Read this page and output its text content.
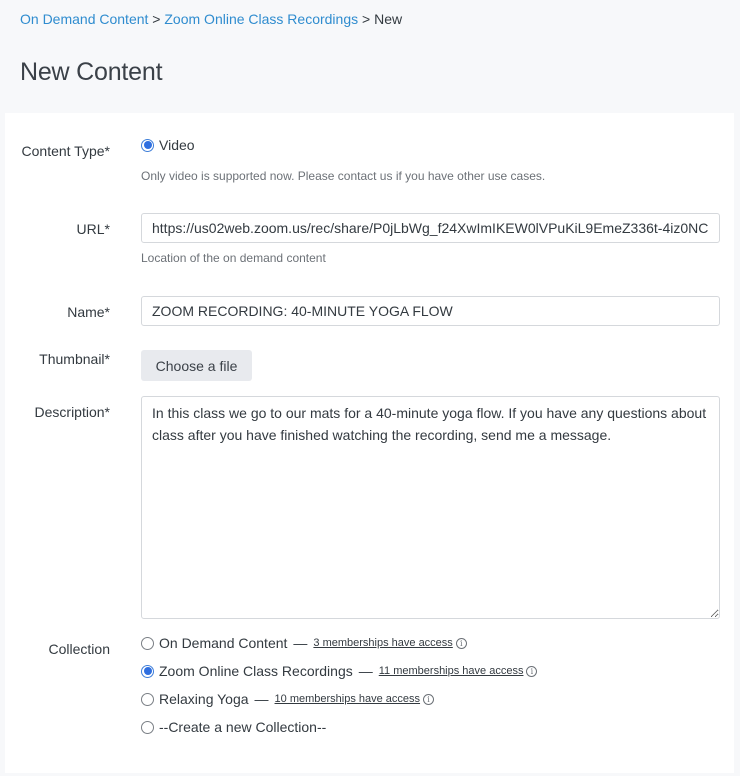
On Demand Content > Zoom Online Class Recordings > New
New Content
Content Type*	Video
Only video is supported now. Please contact us if you have other use cases.
URL*
https://us02web.zoom.us/rec/share/P0jLbWg_f24XwImIKEW0lVPuKiL9EmeZ336t-4iz0NC
Location of the on demand content
Name*
ZOOM RECORDING: 40-MINUTE YOGA FLOW
Thumbnail*	Choose a file
Description*
In this class we go to our mats for a 40-minute yoga flow. If you have any questions about class after you have finished watching the recording, send me a message.
Collection	On Demand Content — 3 memberships have access i
Zoom Online Class Recordings — 11 memberships have access i
Relaxing Yoga — 10 memberships have access i
--Create a new Collection--
